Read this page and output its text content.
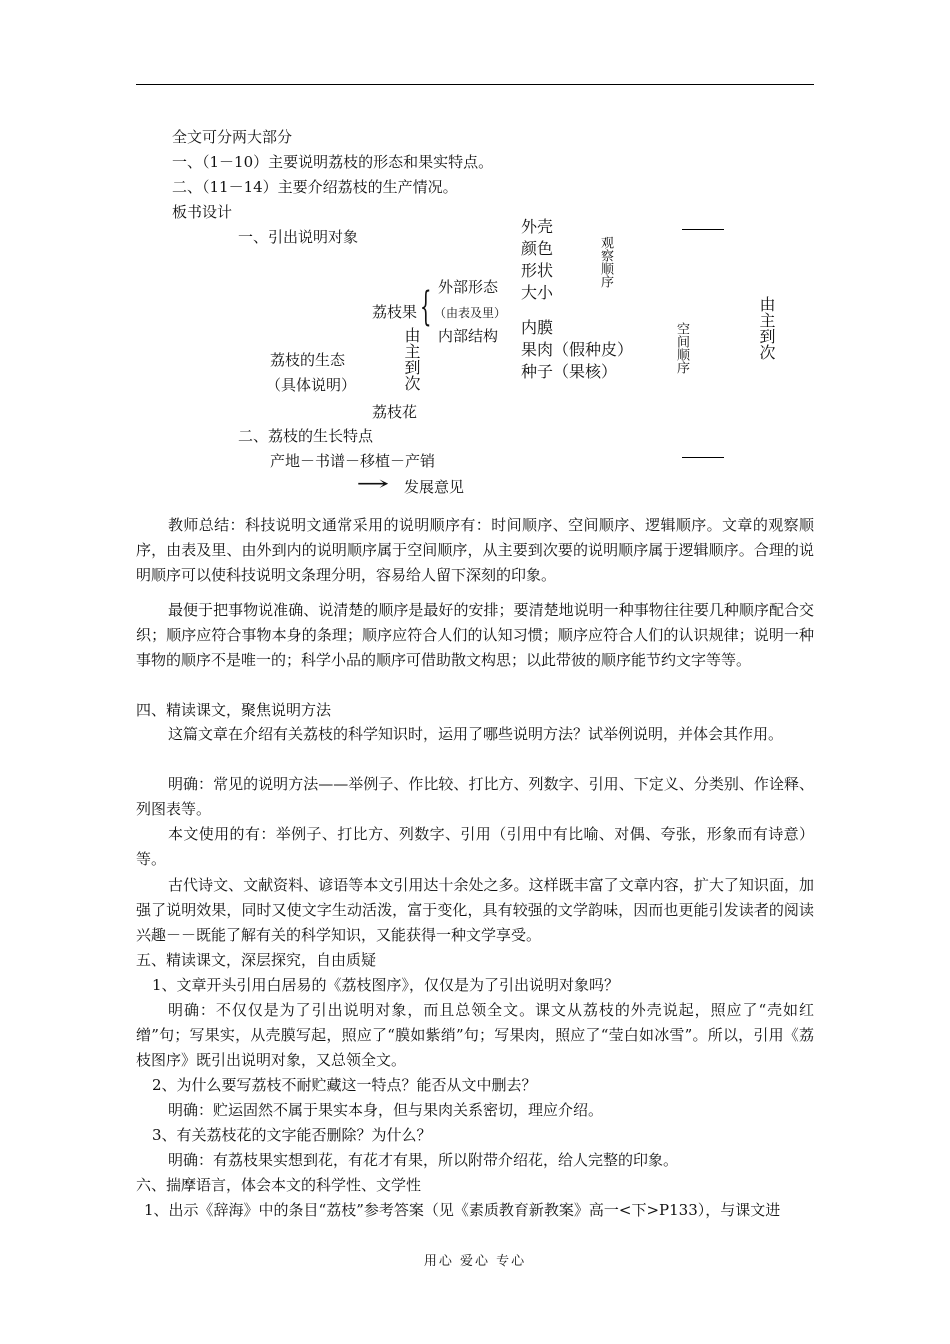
全文可分两大部分
一、（1－10）主要说明荔枝的形态和果实特点。
二、（11－14）主要介绍荔枝的生产情况。
板书设计
一、引出说明对象
荔枝的生态
（具体说明）
荔枝果 { 外部形态
（由表及里）
内部结构
由主到次
荔枝花
外壳
颜色
形状
大小
观察顺序
内膜
果肉（假种皮）
种子（果核）	空间顺序	由主到次
二、荔枝的生长特点
产地－书谱－移植－产销
→ 发展意见
教师总结：科技说明文通常采用的说明顺序有：时间顺序、空间顺序、逻辑顺序。文章的观察顺序，由表及里、由外到内的说明顺序属于空间顺序，从主要到次要的说明顺序属于逻辑顺序。合理的说明顺序可以使科技说明文条理分明，容易给人留下深刻的印象。
最便于把事物说准确、说清楚的顺序是最好的安排；要清楚地说明一种事物往往要几种顺序配合交织；顺序应符合事物本身的条理；顺序应符合人们的认知习惯；顺序应符合人们的认识规律；说明一种事物的顺序不是唯一的；科学小品的顺序可借助散文构思；以此带彼的顺序能节约文字等等。
四、精读课文，聚焦说明方法
这篇文章在介绍有关荔枝的科学知识时，运用了哪些说明方法？试举例说明，并体会其作用。
明确：常见的说明方法——举例子、作比较、打比方、列数字、引用、下定义、分类别、作诠释、列图表等。
本文使用的有：举例子、打比方、列数字、引用（引用中有比喻、对偶、夸张，形象而有诗意）等。
古代诗文、文献资料、谚语等本文引用达十余处之多。这样既丰富了文章内容，扩大了知识面，加强了说明效果，同时又使文字生动活泼，富于变化，具有较强的文学韵味，因而也更能引发读者的阅读兴趣－－既能了解有关的科学知识，又能获得一种文学享受。
五、精读课文，深层探究，自由质疑
1、文章开头引用白居易的《荔枝图序》，仅仅是为了引出说明对象吗？
明确：不仅仅是为了引出说明对象，而且总领全文。课文从荔枝的外壳说起，照应了“壳如红缯”句；写果实，从壳膜写起，照应了“膜如紫绡”句；写果肉，照应了“莹白如冰雪”。所以，引用《荔枝图序》既引出说明对象，又总领全文。
2、为什么要写荔枝不耐贮藏这一特点？能否从文中删去？
明确：贮运固然不属于果实本身，但与果肉关系密切，理应介绍。
3、有关荔枝花的文字能否删除？为什么？
明确：有荔枝果实想到花，有花才有果，所以附带介绍花，给人完整的印象。
六、揣摩语言，体会本文的科学性、文学性
1、出示《辞海》中的条目“荔枝”参考答案（见《素质教育新教案》高一<下>P133），与课文进
用心 爱心 专心
